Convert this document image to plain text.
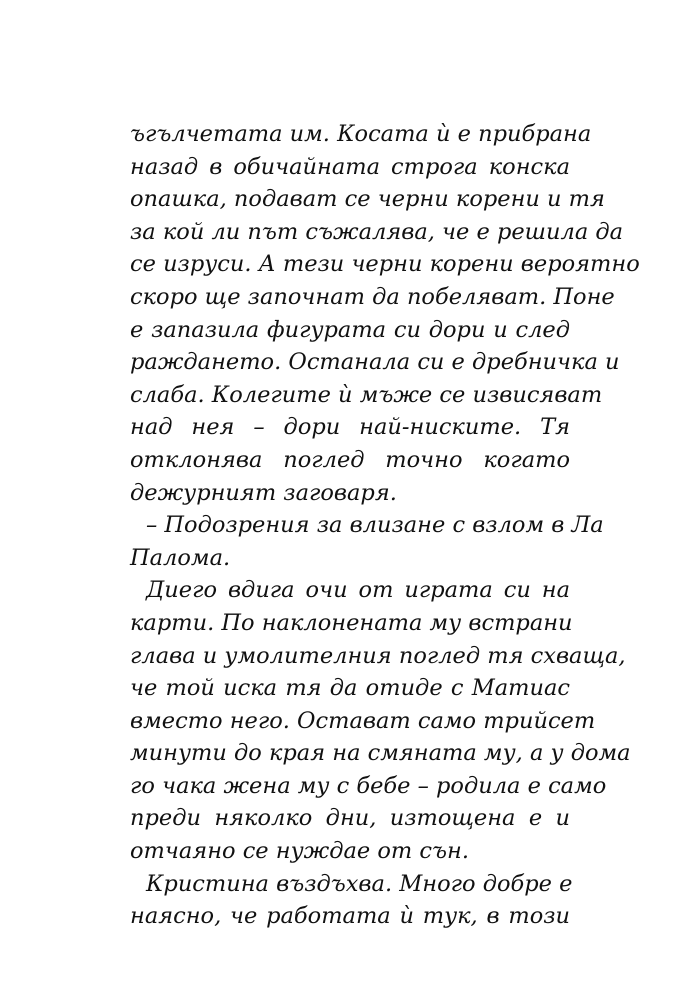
ъгълчетата им. Косата ѝ е прибрана
назад в обичайната строга конска
опашка, подават се черни корени и тя
за кой ли път съжалява, че е решила да
се изруси. А тези черни корени вероятно
скоро ще започнат да побеляват. Поне
е запазила фигурата си дори и след
раждането. Останала си е дребничка и
слаба. Колегите ѝ мъже се извисяват
над нея – дори най-ниските. Тя
отклонява поглед точно когато
дежурният заговаря.
– Подозрения за влизане с взлом в Ла
Палома.
Диего вдига очи от играта си на
карти. По наклонената му встрани
глава и умолителния поглед тя схваща,
че той иска тя да отиде с Матиас
вместо него. Остават само трийсет
минути до края на смяната му, а у дома
го чака жена му с бебе – родила е само
преди няколко дни, изтощена е и
отчаяно се нуждае от сън.
Кристина въздъхва. Много добре е
наясно, че работата ѝ тук, в този
